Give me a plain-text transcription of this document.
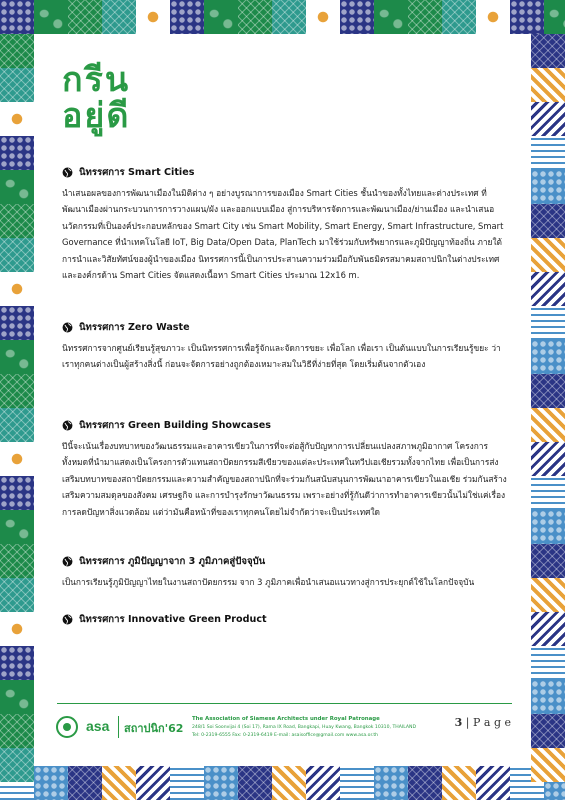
กรีน
อยู่ดี
นิทรรศการ Smart Cities
นำเสนอผลของการพัฒนาเมืองในมิติต่าง ๆ อย่างบูรณาการของเมือง Smart Cities ชั้นนำของทั้งไทยและต่างประเทศ ที่พัฒนาเมืองผ่านกระบวนการการวางแผน/ผัง และออกแบบเมือง สู่การบริหารจัดการและพัฒนาเมือง/ย่านเมือง และนำเสนอนวัตกรรมที่เป็นองค์ประกอบหลักของ Smart City เช่น Smart Mobility, Smart Energy, Smart Infrastructure, Smart Governance ที่นำเทคโนโลยี IoT, Big Data/Open Data, PlanTech มาใช้ร่วมกับทรัพยากรและภูมิปัญญาท้องถิ่น ภายใต้การนำและวิสัยทัศน์ของผู้นำของเมือง นิทรรศการนี้เป็นการประสานความร่วมมือกับพันธมิตรสมาคมสถาปนิกในต่างประเทศ และองค์กรด้าน Smart Cities จัดแสดงเนื้อหา Smart Cities ประมาณ 12x16 m.
นิทรรศการ Zero Waste
นิทรรศการจากศูนย์เรียนรู้สุขภาวะ เป็นนิทรรศการเพื่อรู้จักและจัดการขยะ เพื่อโลก เพื่อเรา เป็นต้นแบบในการเรียนรู้ขยะ ว่าเราทุกคนต่างเป็นผู้สร้างสิ่งนี้ ก่อนจะจัดการอย่างถูกต้องเหมาะสมในวิธีที่ง่ายที่สุด โดยเริ่มต้นจากตัวเอง
นิทรรศการ Green Building Showcases
ปีนี้จะเน้นเรื่องบทบาทของวัฒนธรรมและอาคารเขียวในการที่จะต่อสู้กับปัญหาการเปลี่ยนแปลงสภาพภูมิอากาศ โครงการทั้งหมดที่นำมาแสดงเป็นโครงการตัวแทนสถาปัตยกรรมสีเขียวของแต่ละประเทศในทวีปเอเชียรวมทั้งจากไทย เพื่อเป็นการส่งเสริมบทบาทของสถาปัตยกรรมและความสำคัญของสถาปนิกที่จะร่วมกันสนับสนุนการพัฒนาอาคารเขียวในเอเชีย ร่วมกันสร้างเสริมความสมดุลของสังคม เศรษฐกิจ และการบำรุงรักษาวัฒนธรรม เพราะอย่างที่รู้กันดีว่าการทำอาคารเขียวนั้นไม่ใช่แค่เรื่องการลดปัญหาสิ่งแวดล้อม แต่ว่ามันคือหน้าที่ของเราทุกคนโดยไม่จำกัดว่าจะเป็นประเทศใด
นิทรรศการ ภูมิปัญญาจาก 3 ภูมิภาคสู่ปัจจุบัน
เป็นการเรียนรู้ภูมิปัญญาไทยในงานสถาปัตยกรรม จาก 3 ภูมิภาคเพื่อนำเสนอแนวทางสู่การประยุกต์ใช้ในโลกปัจจุบัน
นิทรรศการ Innovative Green Product
asa สถาปนิก'62
The Association of Siamese Architects under Royal Patronage
248/1 Soi Soonvijai 4 (Soi 17), Rama IX Road, Bangkapi, Huay Kwang, Bangkok 10310, THAILAND
Tel: 0-2319-6555 Fax: 0-2319-6419 E-mail: asaisoffice@gmail.com www.asa.or.th
3 | P a g e
